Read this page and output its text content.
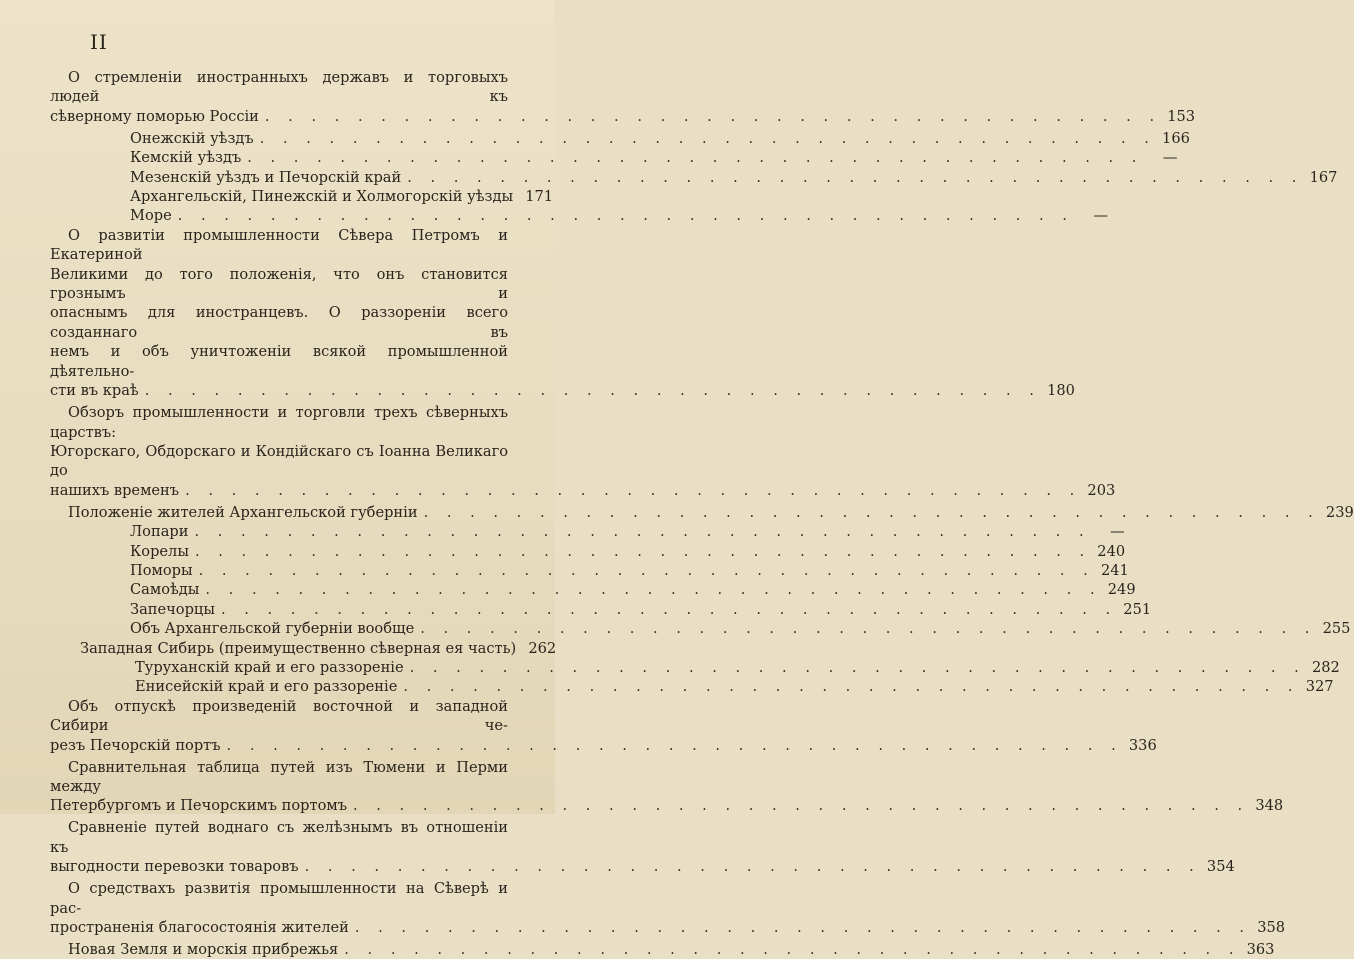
II

О стремленіи иностранныхъ державъ и торговыхъ людей къ

сѣверному поморью Россіи . . . . . . . . . . . . . . . . . . . . . . . . . . . . . . . . . . . . . . . 153
Онежскій уѣздъ . . . . . . . . . . . . . . . . . . . . . . . . . . . . . . . . . . . . . . . 166
Кемскій уѣздъ . . . . . . . . . . . . . . . . . . . . . . . . . . . . . . . . . . . . . . .	—
Мезенскій уѣздъ и Печорскій край . . . . . . . . . . . . . . . . . . . . . . . . . . . . . . . . . . . . . . . 167
Архангельскій, Пинежскій и Холмогорскій уѣзды 171
Море . . . . . . . . . . . . . . . . . . . . . . . . . . . . . . . . . . . . . . .	—

О развитіи промышленности Сѣвера Петромъ и Екатериной

Великими до того положенія, что онъ становится грознымъ и

опаснымъ для иностранцевъ. О раззореніи всего созданнаго въ

немъ и объ уничтоженіи всякой промышленной дѣятельно-

сти въ краѣ . . . . . . . . . . . . . . . . . . . . . . . . . . . . . . . . . . . . . . . 180

Обзоръ промышленности и торговли трехъ сѣверныхъ царствъ:

Югорскаго, Обдорскаго и Кондійскаго съ Іоанна Великаго до

нашихъ временъ . . . . . . . . . . . . . . . . . . . . . . . . . . . . . . . . . . . . . . . 203
Положеніе жителей Архангельской губерніи . . . . . . . . . . . . . . . . . . . . . . . . . . . . . . . . . . . . . . . 239
Лопари . . . . . . . . . . . . . . . . . . . . . . . . . . . . . . . . . . . . . . .	—
Корелы . . . . . . . . . . . . . . . . . . . . . . . . . . . . . . . . . . . . . . . 240
Поморы . . . . . . . . . . . . . . . . . . . . . . . . . . . . . . . . . . . . . . . 241
Самоѣды . . . . . . . . . . . . . . . . . . . . . . . . . . . . . . . . . . . . . . . 249
Запечорцы . . . . . . . . . . . . . . . . . . . . . . . . . . . . . . . . . . . . . . . 251
Объ Архангельской губерніи вообще . . . . . . . . . . . . . . . . . . . . . . . . . . . . . . . . . . . . . . . 255
Западная Сибирь (преимущественно сѣверная ея часть) 262
Туруханскій край и его раззореніе . . . . . . . . . . . . . . . . . . . . . . . . . . . . . . . . . . . . . . . 282
Енисейскій край и его раззореніе . . . . . . . . . . . . . . . . . . . . . . . . . . . . . . . . . . . . . . . 327

Объ отпускѣ произведеній восточной и западной Сибири че-

резъ Печорскій портъ . . . . . . . . . . . . . . . . . . . . . . . . . . . . . . . . . . . . . . . 336

Сравнительная таблица путей изъ Тюмени и Перми между

Петербургомъ и Печорскимъ портомъ . . . . . . . . . . . . . . . . . . . . . . . . . . . . . . . . . . . . . . . 348

Сравненіе путей воднаго съ желѣзнымъ въ отношеніи къ

выгодности перевозки товаровъ . . . . . . . . . . . . . . . . . . . . . . . . . . . . . . . . . . . . . . . 354

О средствахъ развитія промышленности на Сѣверѣ и рас-

пространенія благосостоянія жителей . . . . . . . . . . . . . . . . . . . . . . . . . . . . . . . . . . . . . . . 358
Новая Земля и морскія прибрежья . . . . . . . . . . . . . . . . . . . . . . . . . . . . . . . . . . . . . . . 363
